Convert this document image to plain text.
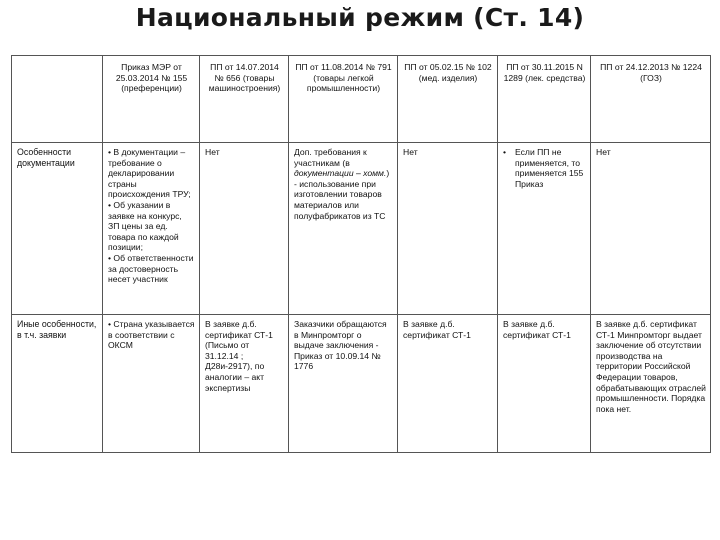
Национальный режим (Ст. 14)
	Приказ МЭР от 25.03.2014 № 155 (преференции)	ПП от 14.07.2014 № 656 (товары машиностроения)	ПП от 11.08.2014 № 791 (товары легкой промышленности)	ПП от 05.02.15 № 102 (мед. изделия)	ПП от 30.11.2015 N 1289 (лек. средства)	ПП от 24.12.2013 № 1224 (ГОЗ)
Особенности документации	• В документации – требование о декларировании страны происхождения ТРУ;
• Об указании в заявке на конкурс, ЗП цены за ед. товара по каждой позиции;
• Об ответственности за достоверность несет участник	Нет	Доп. требования к участникам (в документации – хомм.) - использование при изготовлении товаров материалов или полуфабрикатов из ТС	Нет	• Если ПП не применяется, то применяется 155 Приказ	Нет
Иные особенности, в т.ч. заявки	• Страна указывается в соответствии с ОКСМ	В заявке д.б. сертификат СТ-1 (Письмо от 31.12.14 ; Д28и-2917), по аналогии – акт экспертизы	Заказчики обращаются в Минпромторг о выдаче заключения - Приказ от 10.09.14 № 1776	В заявке д.б. сертификат СТ-1	В заявке д.б. сертификат СТ-1	В заявке д.б. сертификат СТ-1 Минпромторг выдает заключение об отсутствии производства на территории Российской Федерации товаров, обрабатывающих отраслей промышленности. Порядка пока нет.
